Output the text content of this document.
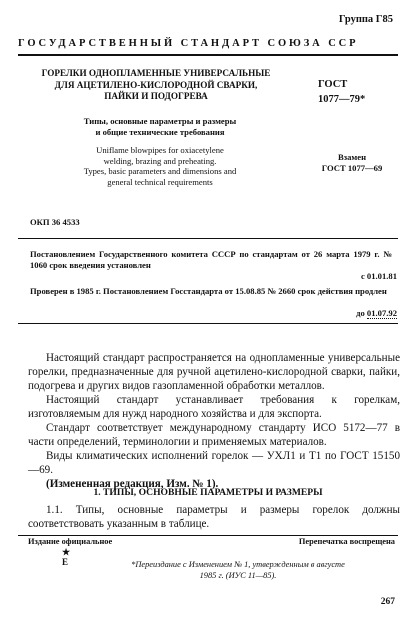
Группа Г85
ГОСУДАРСТВЕННЫЙ СТАНДАРТ СОЮЗА ССР
ГОРЕЛКИ ОДНОПЛАМЕННЫЕ УНИВЕРСАЛЬНЫЕ
ДЛЯ АЦЕТИЛЕНО-КИСЛОРОДНОЙ СВАРКИ,
ПАЙКИ И ПОДОГРЕВА
ГОСТ
1077—79*
Типы, основные параметры и размеры
и общие технические требования
Uniflame blowpipes for oxiacetylene
welding, brazing and preheating.
Types, basic parameters and dimensions and
general technical requirements
Взамен
ГОСТ 1077—69
ОКП 36 4533
Постановлением Государственного комитета СССР по стандартам от 26 марта 1979 г. № 1060 срок введения установлен
с 01.01.81
Проверен в 1985 г. Постановлением Госстандарта от 15.08.85 № 2660 срок действия продлен
до 01.07.92

Настоящий стандарт распространяется на однопламенные универсальные горелки, предназначенные для ручной ацетилено-кислородной сварки, пайки, подогрева и других видов газопламенной обработки металлов.

Настоящий стандарт устанавливает требования к горелкам, изготовляемым для нужд народного хозяйства и для экспорта.

Стандарт соответствует международному стандарту ИСО 5172—77 в части определений, терминологии и применяемых материалов.

Виды климатических исполнений горелок — УХЛ1 и Т1 по ГОСТ 15150—69.

(Измененная редакция, Изм. № 1).

1. ТИПЫ, ОСНОВНЫЕ ПАРАМЕТРЫ И РАЗМЕРЫ

1.1. Типы, основные параметры и размеры горелок должны соответствовать указанным в таблице.

Издание официальное	Перепечатка воспрещена
★
Е	*Переиздание с Изменением № 1, утвержденным в августе 1985 г. (ИУС 11—85).
267
